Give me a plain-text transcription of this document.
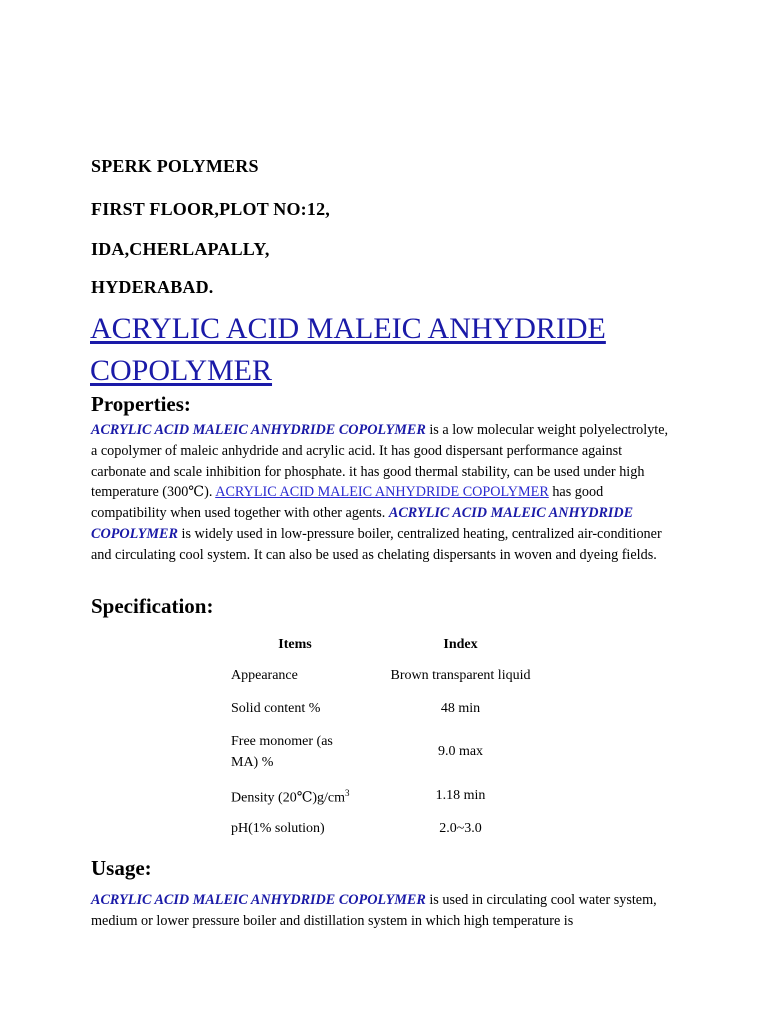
SPERK POLYMERS
FIRST FLOOR,PLOT NO:12,
IDA,CHERLAPALLY,
HYDERABAD.
ACRYLIC ACID MALEIC ANHYDRIDE COPOLYMER
Properties:
ACRYLIC ACID MALEIC ANHYDRIDE COPOLYMER is a low molecular weight polyelectrolyte, a copolymer of maleic anhydride and acrylic acid. It has good dispersant performance against carbonate and scale inhibition for phosphate. it has good thermal stability, can be used under high temperature (300℃). ACRYLIC ACID MALEIC ANHYDRIDE COPOLYMER has good compatibility when used together with other agents. ACRYLIC ACID MALEIC ANHYDRIDE COPOLYMER is widely used in low-pressure boiler, centralized heating, centralized air-conditioner and circulating cool system. It can also be used as chelating dispersants in woven and dyeing fields.
Specification:
Items	Index
Appearance	Brown transparent liquid
Solid content %	48 min
Free monomer (as MA) %	9.0 max
Density $(20℃)g/cm^3$	1.18 min
pH(1% solution)	2.0~3.0
Usage:
ACRYLIC ACID MALEIC ANHYDRIDE COPOLYMER is used in circulating cool water system, medium or lower pressure boiler and distillation system in which high temperature is
